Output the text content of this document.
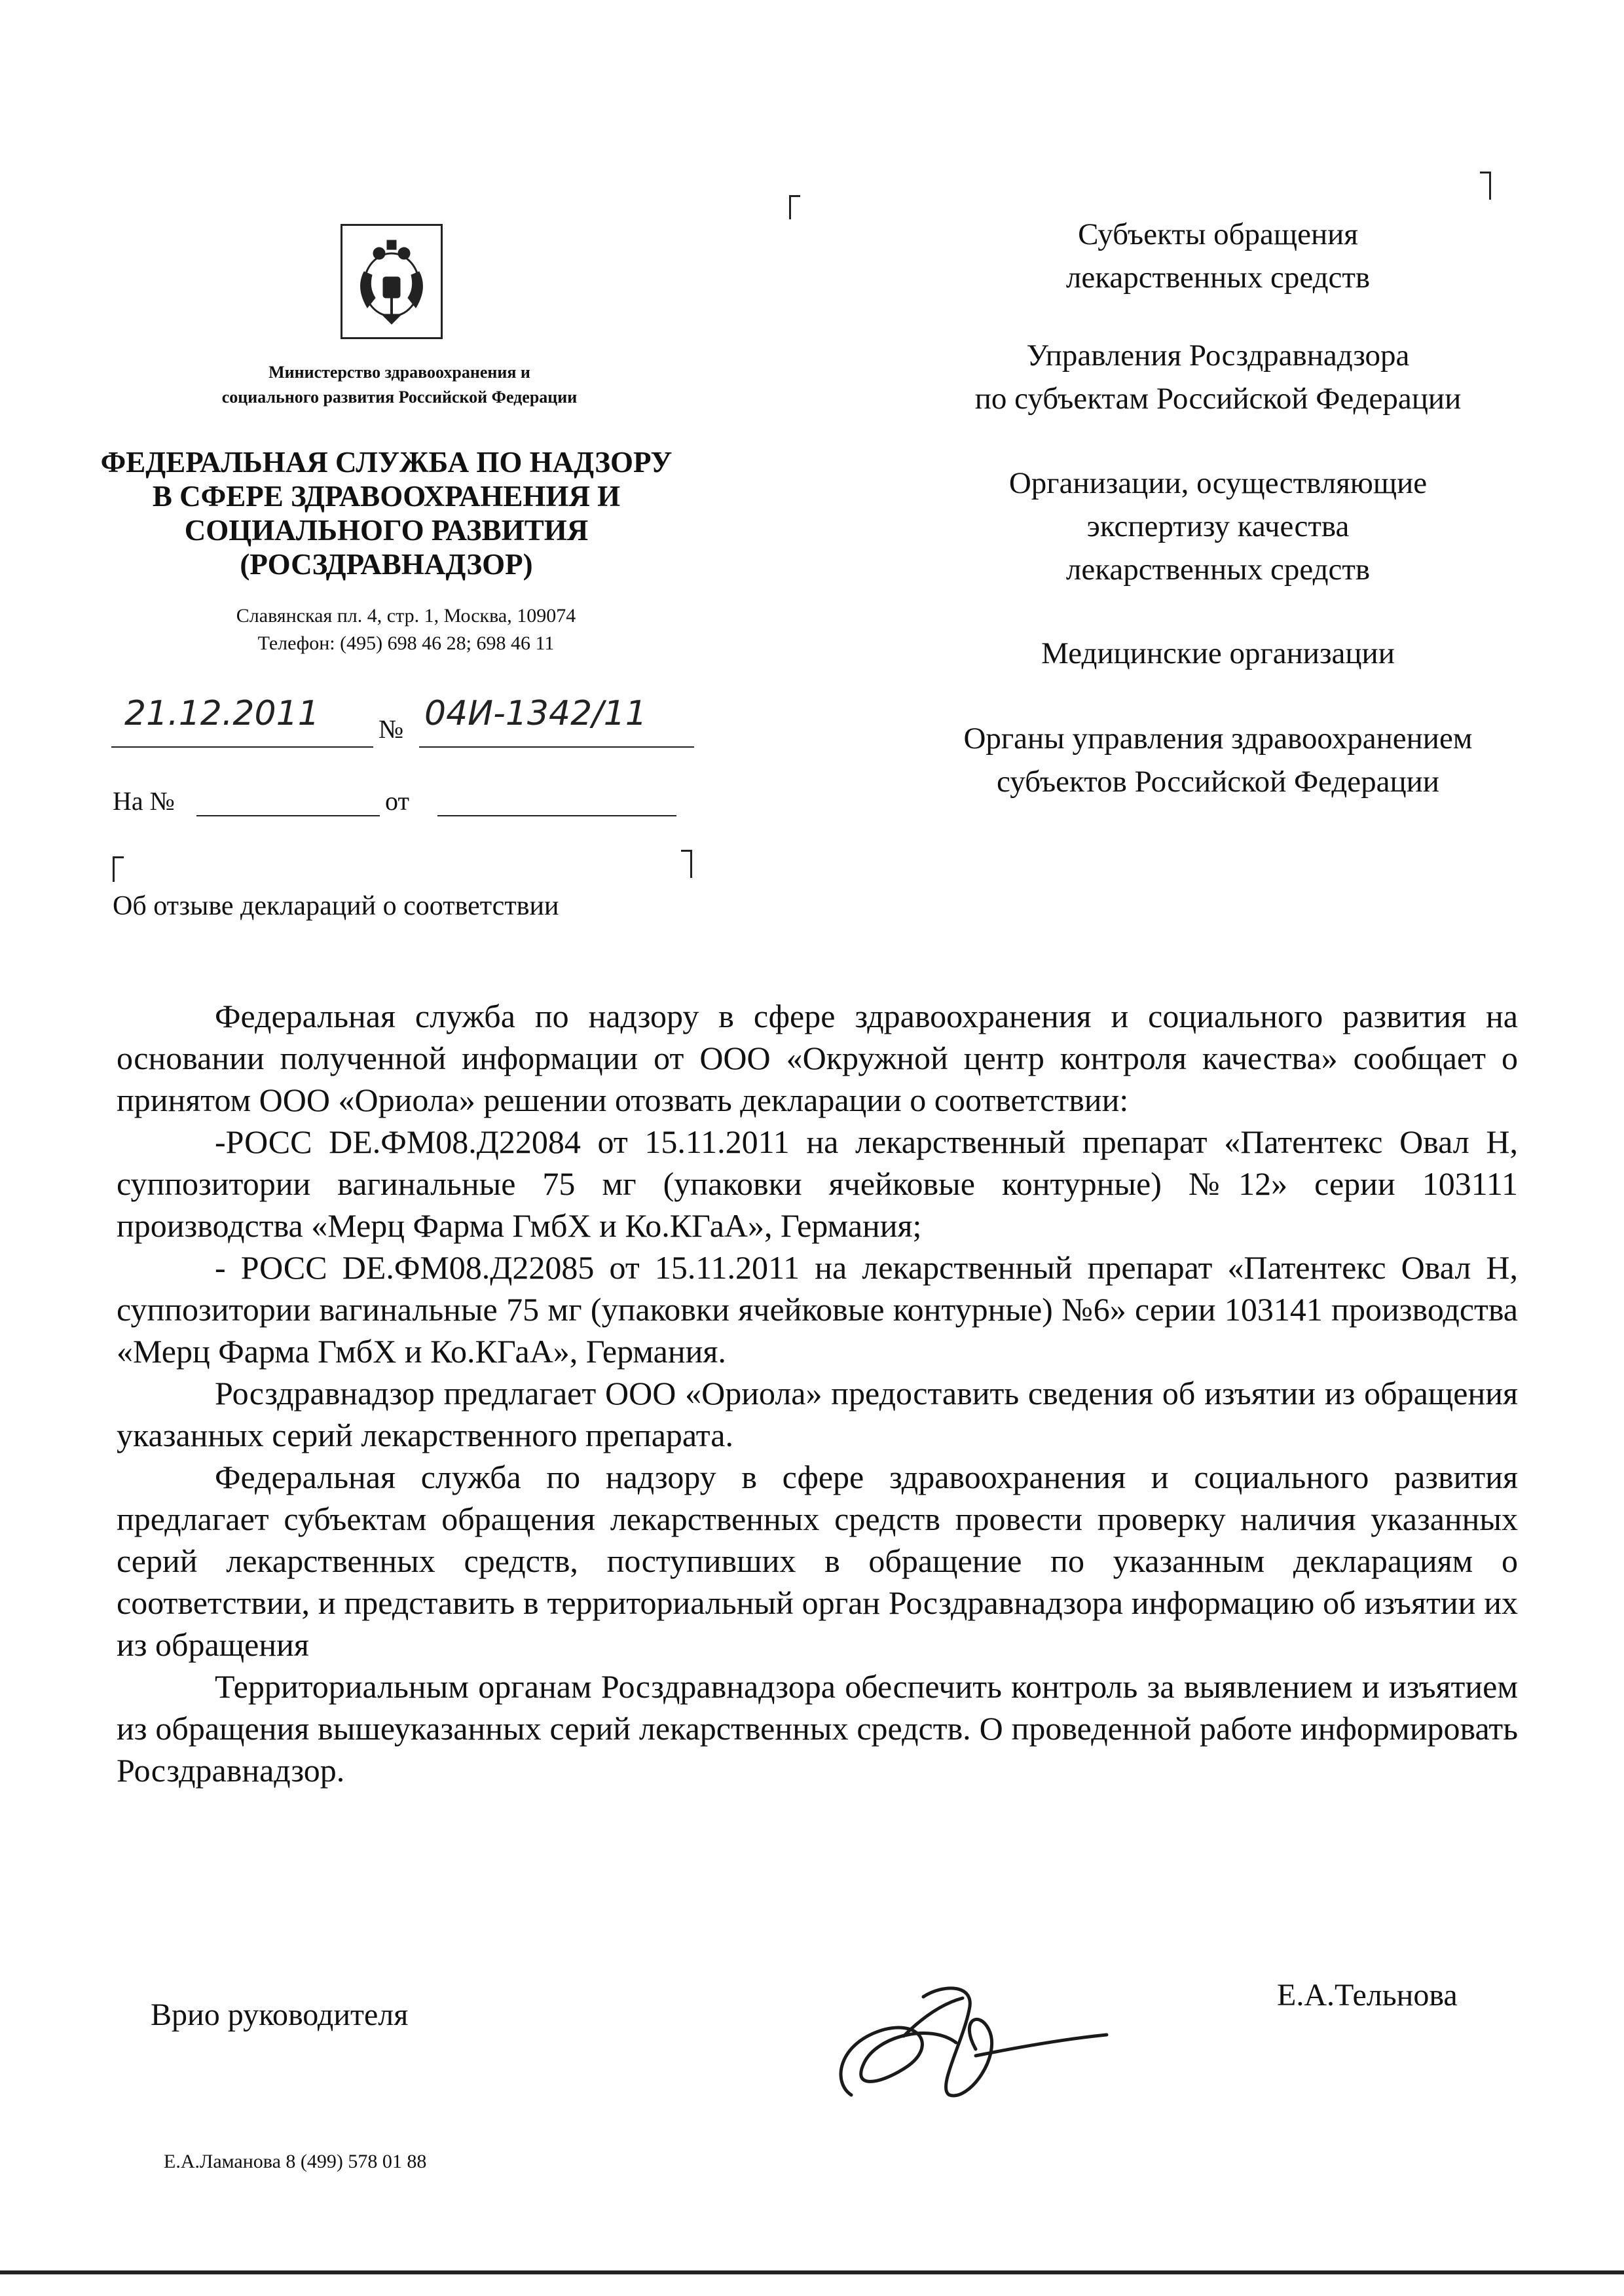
Министерство здравоохранения и
социального развития Российской Федерации
ФЕДЕРАЛЬНАЯ СЛУЖБА ПО НАДЗОРУ
В СФЕРЕ ЗДРАВООХРАНЕНИЯ И
СОЦИАЛЬНОГО РАЗВИТИЯ
(РОСЗДРАВНАДЗОР)
Славянская пл. 4, стр. 1, Москва, 109074
Телефон: (495) 698 46 28; 698 46 11
21.12.2011 № 04И-1342/11
На №	от
Об отзыве деклараций о соответствии
Субъекты обращения
лекарственных средств
Управления Росздравнадзора
по субъектам Российской Федерации
Организации, осуществляющие
экспертизу качества
лекарственных средств
Медицинские организации
Органы управления здравоохранением
субъектов Российской Федерации

Федеральная служба по надзору в сфере здравоохранения и социального развития на основании полученной информации от ООО «Окружной центр контроля качества» сообщает о принятом ООО «Ориола» решении отозвать декларации о соответствии:

-РОСС DE.ФМ08.Д22084 от 15.11.2011 на лекарственный препарат «Патентекс Овал Н, суппозитории вагинальные 75 мг (упаковки ячейковые контурные) №12» серии 103111 производства «Мерц Фарма ГмбХ и Ко.КГаА», Германия;

- РОСС DE.ФМ08.Д22085 от 15.11.2011 на лекарственный препарат «Патентекс Овал Н, суппозитории вагинальные 75 мг (упаковки ячейковые контурные) №6» серии 103141 производства «Мерц Фарма ГмбХ и Ко.КГаА», Германия.

Росздравнадзор предлагает ООО «Ориола» предоставить сведения об изъятии из обращения указанных серий лекарственного препарата.

Федеральная служба по надзору в сфере здравоохранения и социального развития предлагает субъектам обращения лекарственных средств провести проверку наличия указанных серий лекарственных средств, поступивших в обращение по указанным декларациям о соответствии, и представить в территориальный орган Росздравнадзора информацию об изъятии их из обращения

Территориальным органам Росздравнадзора обеспечить контроль за выявлением и изъятием из обращения вышеуказанных серий лекарственных средств. О проведенной работе информировать Росздравнадзор.

Врио руководителя
Е.А.Тельнова
Е.А.Ламанова 8 (499) 578 01 88
